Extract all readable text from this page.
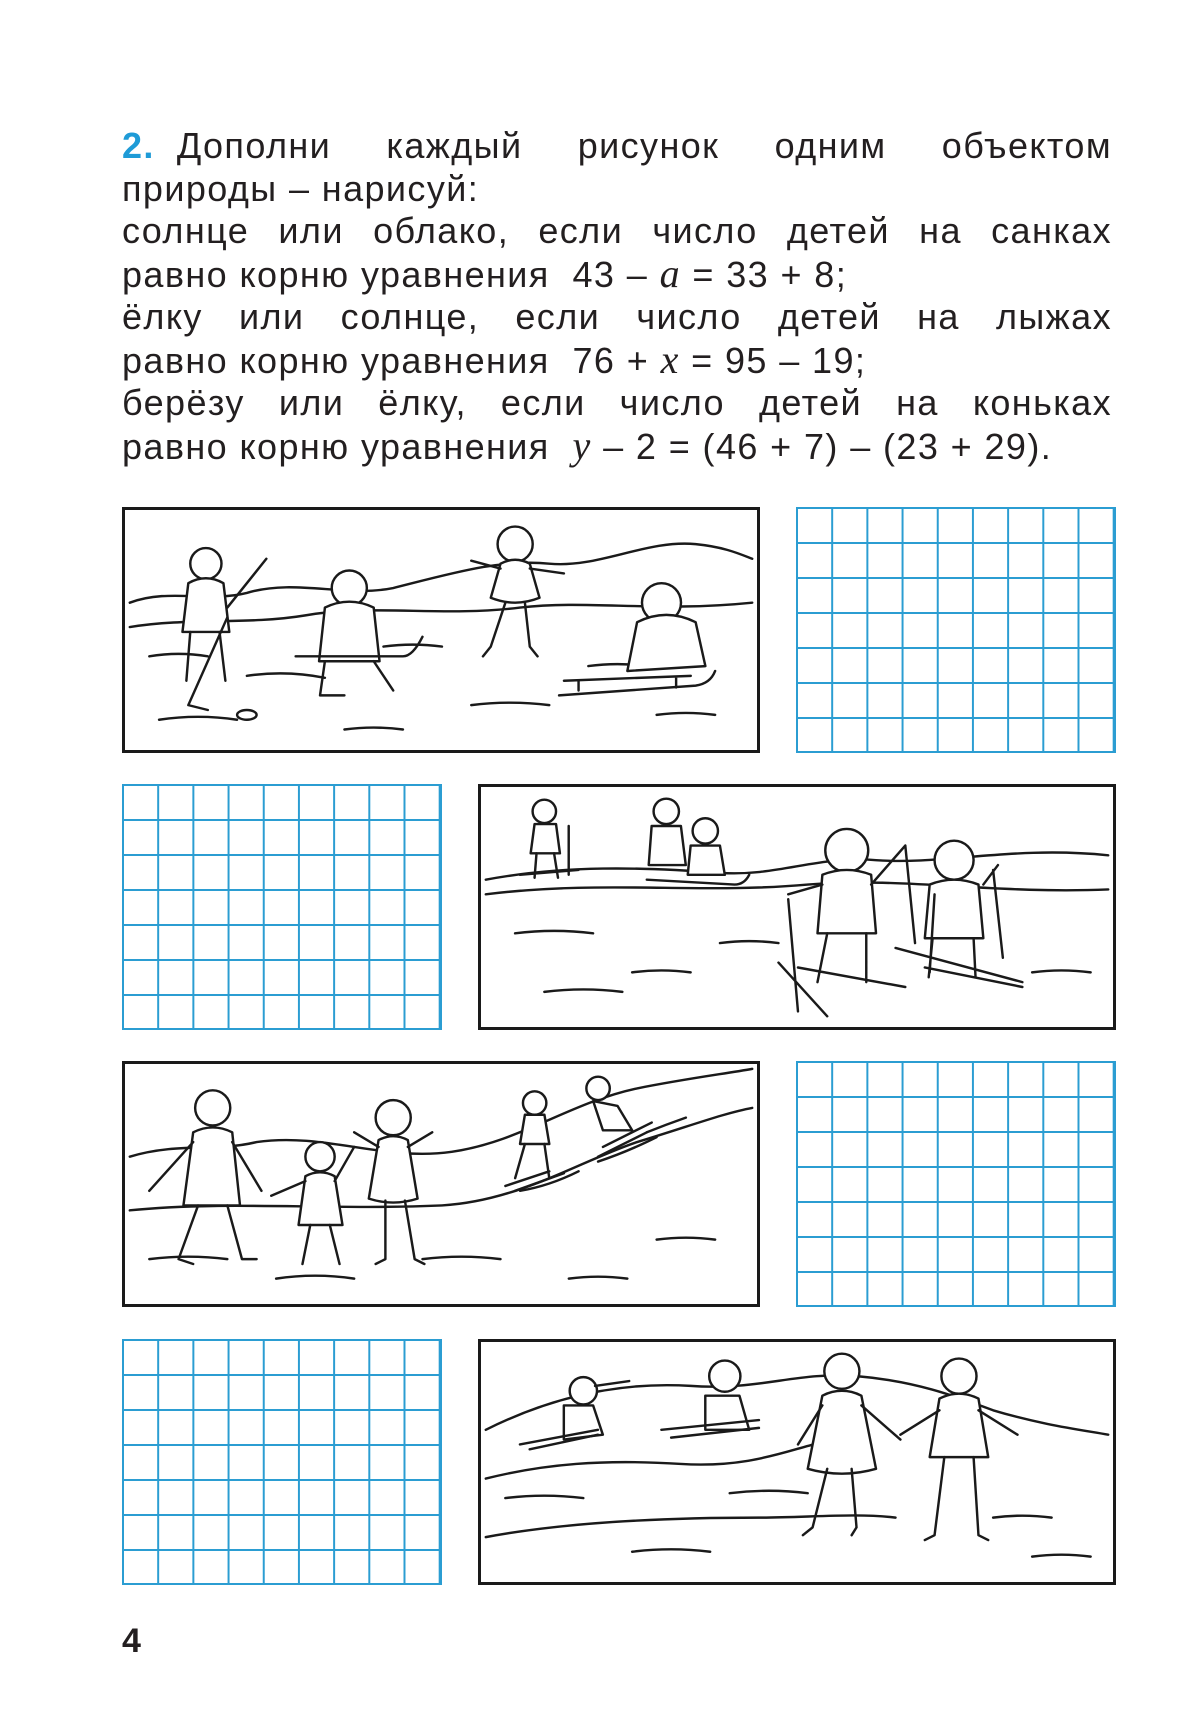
2. Дополни каждый рисунок одним объектом
природы – нарисуй:
солнце или облако, если число детей на санках
равно корню уравнения 43 – a = 33 + 8;
ёлку или солнце, если число детей на лыжах
равно корню уравнения 76 + x = 95 – 19;
берёзу или ёлку, если число детей на коньках
равно корню уравнения y – 2 = (46 + 7) – (23 + 29).
4
